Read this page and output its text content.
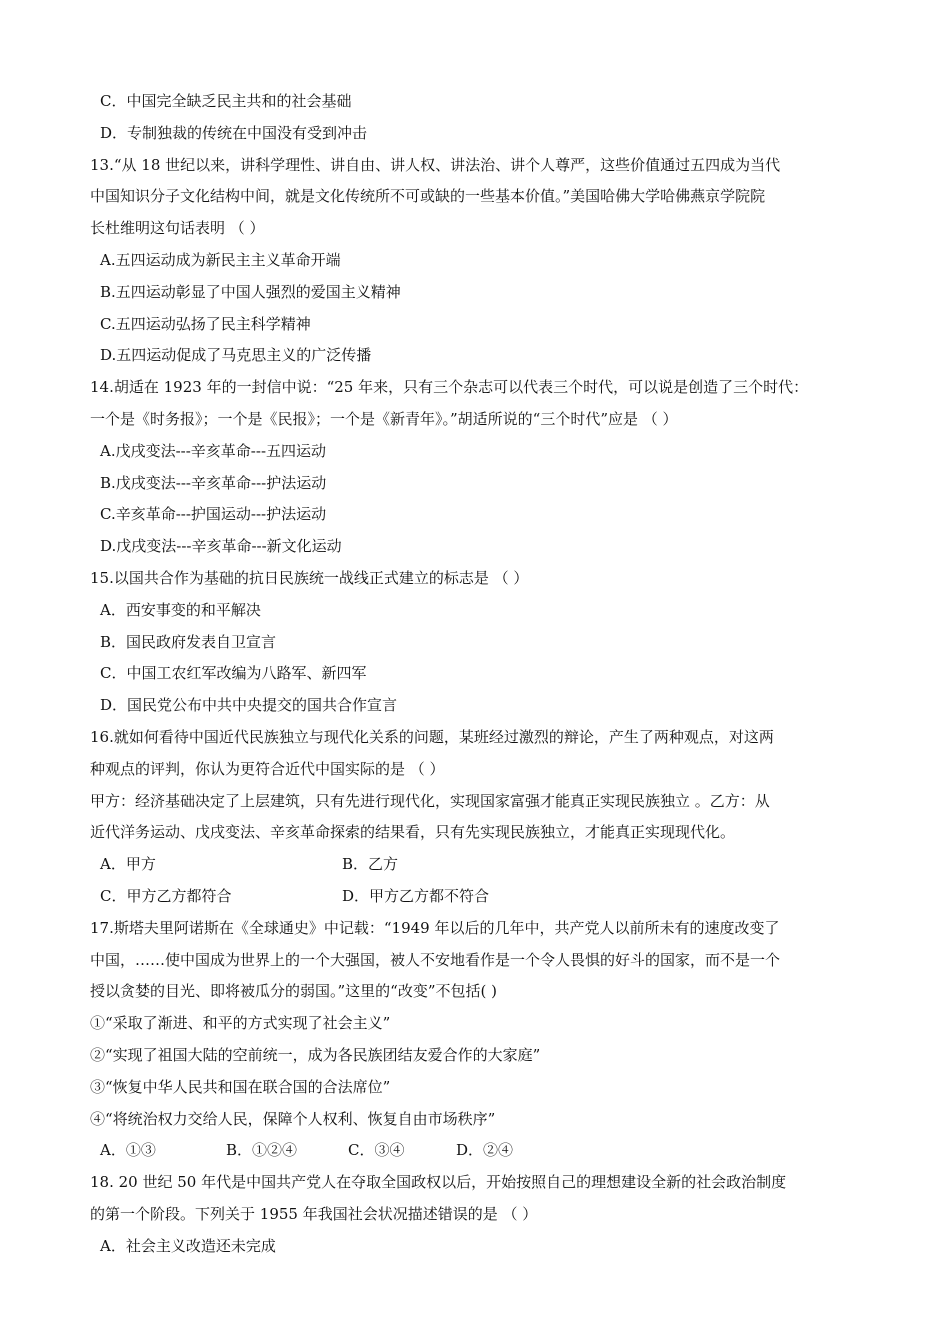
C．中国完全缺乏民主共和的社会基础
D．专制独裁的传统在中国没有受到冲击
13.“从 18 世纪以来，讲科学理性、讲自由、讲人权、讲法治、讲个人尊严，这些价值通过五四成为当代
中国知识分子文化结构中间，就是文化传统所不可或缺的一些基本价值。”美国哈佛大学哈佛燕京学院院
长杜维明这句话表明 （ ）
A.五四运动成为新民主主义革命开端
B.五四运动彰显了中国人强烈的爱国主义精神
C.五四运动弘扬了民主科学精神
D.五四运动促成了马克思主义的广泛传播
14.胡适在 1923 年的一封信中说：“25 年来，只有三个杂志可以代表三个时代，可以说是创造了三个时代：
一个是《时务报》；一个是《民报》；一个是《新青年》。”胡适所说的“三个时代”应是 （ ）
A.戊戌变法---辛亥革命---五四运动
B.戊戌变法---辛亥革命---护法运动
C.辛亥革命---护国运动---护法运动
D.戊戌变法---辛亥革命---新文化运动
15.以国共合作为基础的抗日民族统一战线正式建立的标志是 （ ）
A．西安事变的和平解决
B．国民政府发表自卫宣言
C．中国工农红军改编为八路军、新四军
D．国民党公布中共中央提交的国共合作宣言
16.就如何看待中国近代民族独立与现代化关系的问题，某班经过激烈的辩论，产生了两种观点，对这两
种观点的评判，你认为更符合近代中国实际的是 （ ）
甲方：经济基础决定了上层建筑，只有先进行现代化，实现国家富强才能真正实现民族独立 。乙方：从
近代洋务运动、戊戌变法、辛亥革命探索的结果看，只有先实现民族独立，才能真正实现现代化。
A．甲方	B．乙方
C．甲方乙方都符合	D．甲方乙方都不符合
17.斯塔夫里阿诺斯在《全球通史》中记载：“1949 年以后的几年中，共产党人以前所未有的速度改变了
中国，……使中国成为世界上的一个大强国，被人不安地看作是一个令人畏惧的好斗的国家，而不是一个
授以贪婪的目光、即将被瓜分的弱国。”这里的“改变”不包括( )
①“采取了渐进、和平的方式实现了社会主义”
②“实现了祖国大陆的空前统一，成为各民族团结友爱合作的大家庭”
③“恢复中华人民共和国在联合国的合法席位”
④“将统治权力交给人民，保障个人权利、恢复自由市场秩序”
A．①③	B．①②④	C．③④	D．②④
18. 20 世纪 50 年代是中国共产党人在夺取全国政权以后，开始按照自己的理想建设全新的社会政治制度
的第一个阶段。下列关于 1955 年我国社会状况描述错误的是 （ ）
A．社会主义改造还未完成
